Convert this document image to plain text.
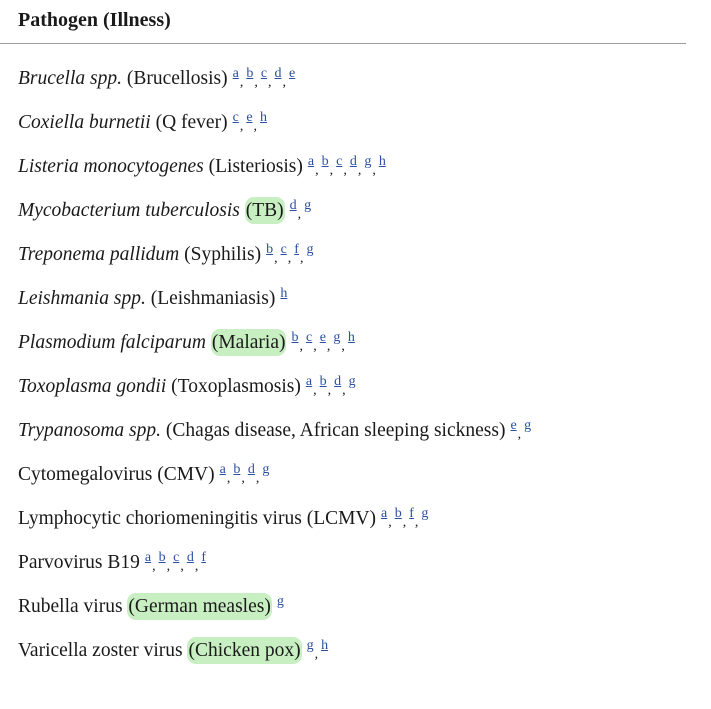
Pathogen (Illness)
Brucella spp. (Brucellosis) $^a$,$^b$,$^c$,$^d$,$^e$
Coxiella burnetii (Q fever) $^c$,$^e$,$^h$
Listeria monocytogenes (Listeriosis) $^a$,$^b$,$^c$,$^d$,$^g$,$^h$
Mycobacterium tuberculosis (TB) $^d$,$^g$
Treponema pallidum (Syphilis) $^b$,$^c$,$^f$,$^g$
Leishmania spp. (Leishmaniasis) $^h$
Plasmodium falciparum (Malaria) $^b$,$^c$,$^e$,$^g$,$^h$
Toxoplasma gondii (Toxoplasmosis) $^a$,$^b$,$^d$,$^g$
Trypanosoma spp. (Chagas disease, African sleeping sickness) $^e$,$^g$
Cytomegalovirus (CMV) $^a$,$^b$,$^d$,$^g$
Lymphocytic choriomeningitis virus (LCMV) $^a$,$^b$,$^f$,$^g$
Parvovirus B19 $^a$,$^b$,$^c$,$^d$,$^f$
Rubella virus (German measles) $^g$
Varicella zoster virus (Chicken pox) $^g$,$^h$
